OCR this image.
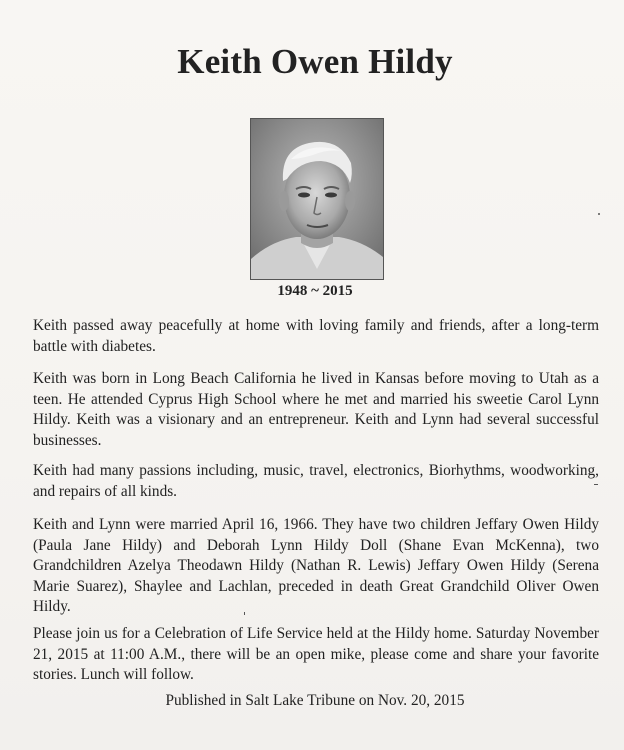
Keith Owen Hildy
1948 ~ 2015

Keith passed away peacefully at home with loving family and friends, after a long-term battle with diabetes.

Keith was born in Long Beach California he lived in Kansas before moving to Utah as a teen. He attended Cyprus High School where he met and married his sweetie Carol Lynn Hildy. Keith was a visionary and an entrepreneur. Keith and Lynn had several successful businesses.

Keith had many passions including, music, travel, electronics, Biorhythms, woodworking, and repairs of all kinds.

Keith and Lynn were married April 16, 1966. They have two children Jeffary Owen Hildy (Paula Jane Hildy) and Deborah Lynn Hildy Doll (Shane Evan McKenna), two Grandchildren Azelya Theodawn Hildy (Nathan R. Lewis) Jeffary Owen Hildy (Serena Marie Suarez), Shaylee and Lachlan, preceded in death Great Grandchild Oliver Owen Hildy.

Please join us for a Celebration of Life Service held at the Hildy home. Saturday November 21, 2015 at 11:00 A.M., there will be an open mike, please come and share your favorite stories. Lunch will follow.

Published in Salt Lake Tribune on Nov. 20, 2015
